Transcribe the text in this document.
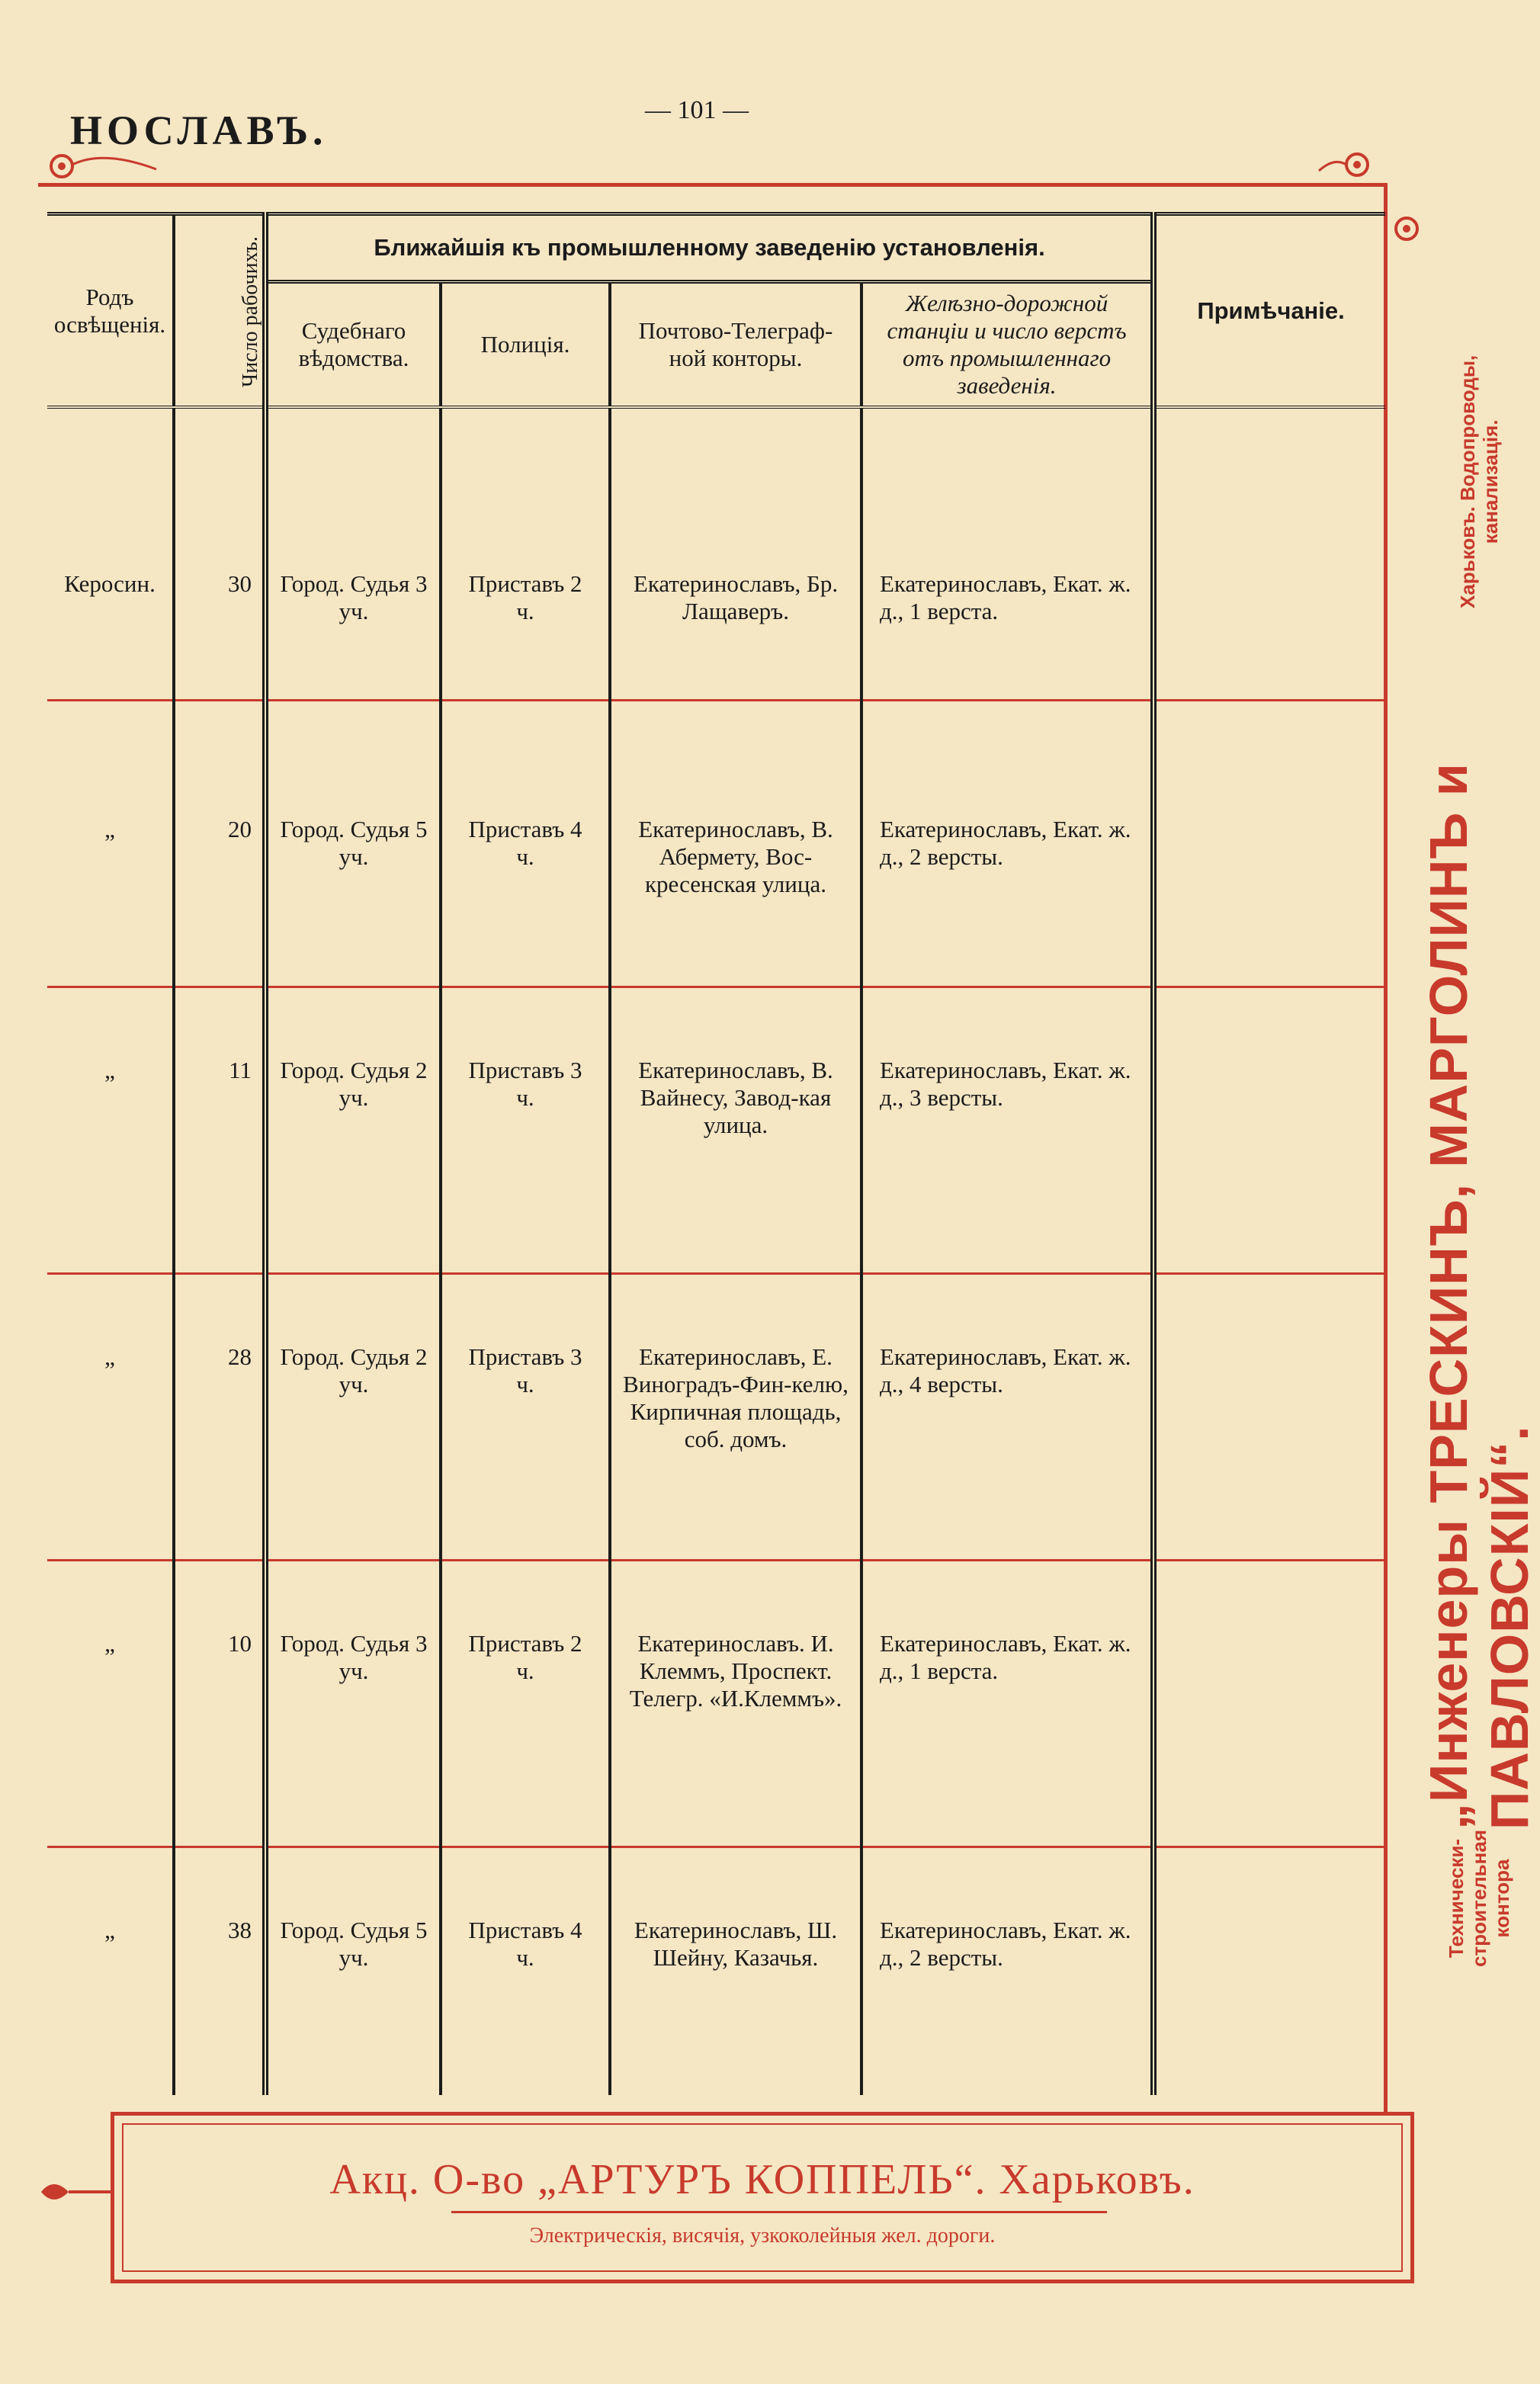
НОСЛАВЪ.	— 101 —
Родъ освѣщенія.	Число рабочихъ.	Ближайшія къ промышленному заведенію установленія.				Примѣчаніе.
		Судебнаго вѣдомства.	Полиція.	Почтово-Телеграф-ной конторы.	Желѣзно-дорожной станціи и число верстъ отъ промышленнаго заведенія.	
Керосин.	30	Город. Судья 3 уч.	Приставъ 2 ч.	Екатеринославъ, Бр. Лащаверъ.	Екатеринославъ, Екат. ж. д., 1 верста.	
„	20	Город. Судья 5 уч.	Приставъ 4 ч.	Екатеринославъ, В. Абермету, Вос-кресенская улица.	Екатеринославъ, Екат. ж. д., 2 версты.	
„	11	Город. Судья 2 уч.	Приставъ 3 ч.	Екатеринославъ, В. Вайнесу, Завод-кая улица.	Екатеринославъ, Екат. ж. д., 3 версты.	
„	28	Город. Судья 2 уч.	Приставъ 3 ч.	Екатеринославъ, Е. Виноградъ-Фин-келю, Кирпичная площадь, соб. домъ.	Екатеринославъ, Екат. ж. д., 4 версты.	
„	10	Город. Судья 3 уч.	Приставъ 2 ч.	Екатеринославъ. И. Клеммъ, Проспект. Телегр. «И.Клеммъ».	Екатеринославъ, Екат. ж. д., 1 верста.	
„	38	Город. Судья 5 уч.	Приставъ 4 ч.	Екатеринославъ, Ш. Шейну, Казачья.	Екатеринославъ, Екат. ж. д., 2 версты.		Технически-строительная контора
„Инженеры ТРЕСКИНЪ, МАРГОЛИНЪ и ПАВЛОВСКІЙ“.
Харьковъ. Водопроводы, канализація.
Акц. О-во „АРТУРЪ КОППЕЛЬ“. Харьковъ.
Электрическія, висячія, узкоколейныя жел. дороги.
